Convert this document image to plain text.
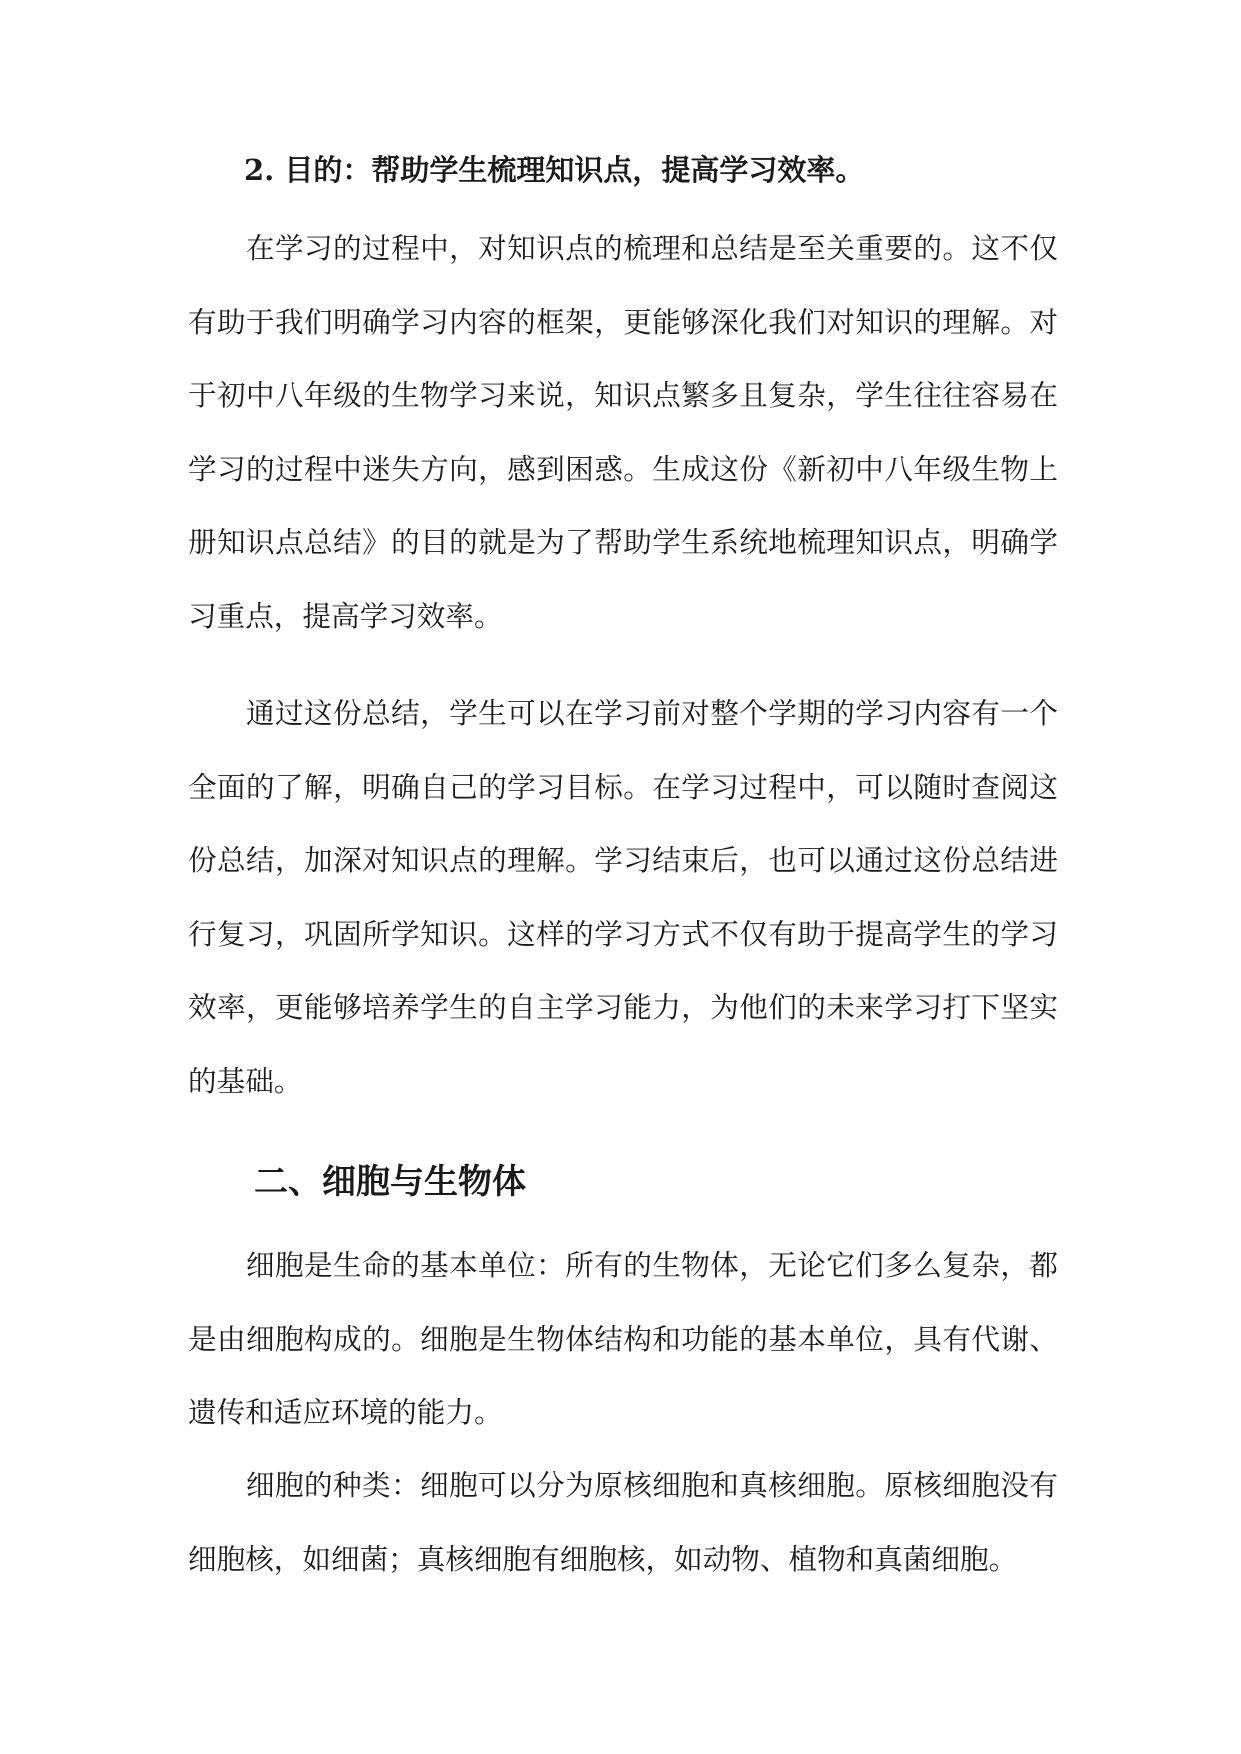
2. 目的：帮助学生梳理知识点，提高学习效率。

在学习的过程中，对知识点的梳理和总结是至关重要的。这不仅有助于我们明确学习内容的框架，更能够深化我们对知识的理解。对于初中八年级的生物学习来说，知识点繁多且复杂，学生往往容易在学习的过程中迷失方向，感到困惑。生成这份《新初中八年级生物上册知识点总结》的目的就是为了帮助学生系统地梳理知识点，明确学习重点，提高学习效率。

通过这份总结，学生可以在学习前对整个学期的学习内容有一个全面的了解，明确自己的学习目标。在学习过程中，可以随时查阅这份总结，加深对知识点的理解。学习结束后，也可以通过这份总结进行复习，巩固所学知识。这样的学习方式不仅有助于提高学生的学习效率，更能够培养学生的自主学习能力，为他们的未来学习打下坚实的基础。

二、细胞与生物体

细胞是生命的基本单位：所有的生物体，无论它们多么复杂，都是由细胞构成的。细胞是生物体结构和功能的基本单位，具有代谢、遗传和适应环境的能力。

细胞的种类：细胞可以分为原核细胞和真核细胞。原核细胞没有细胞核，如细菌；真核细胞有细胞核，如动物、植物和真菌细胞。
